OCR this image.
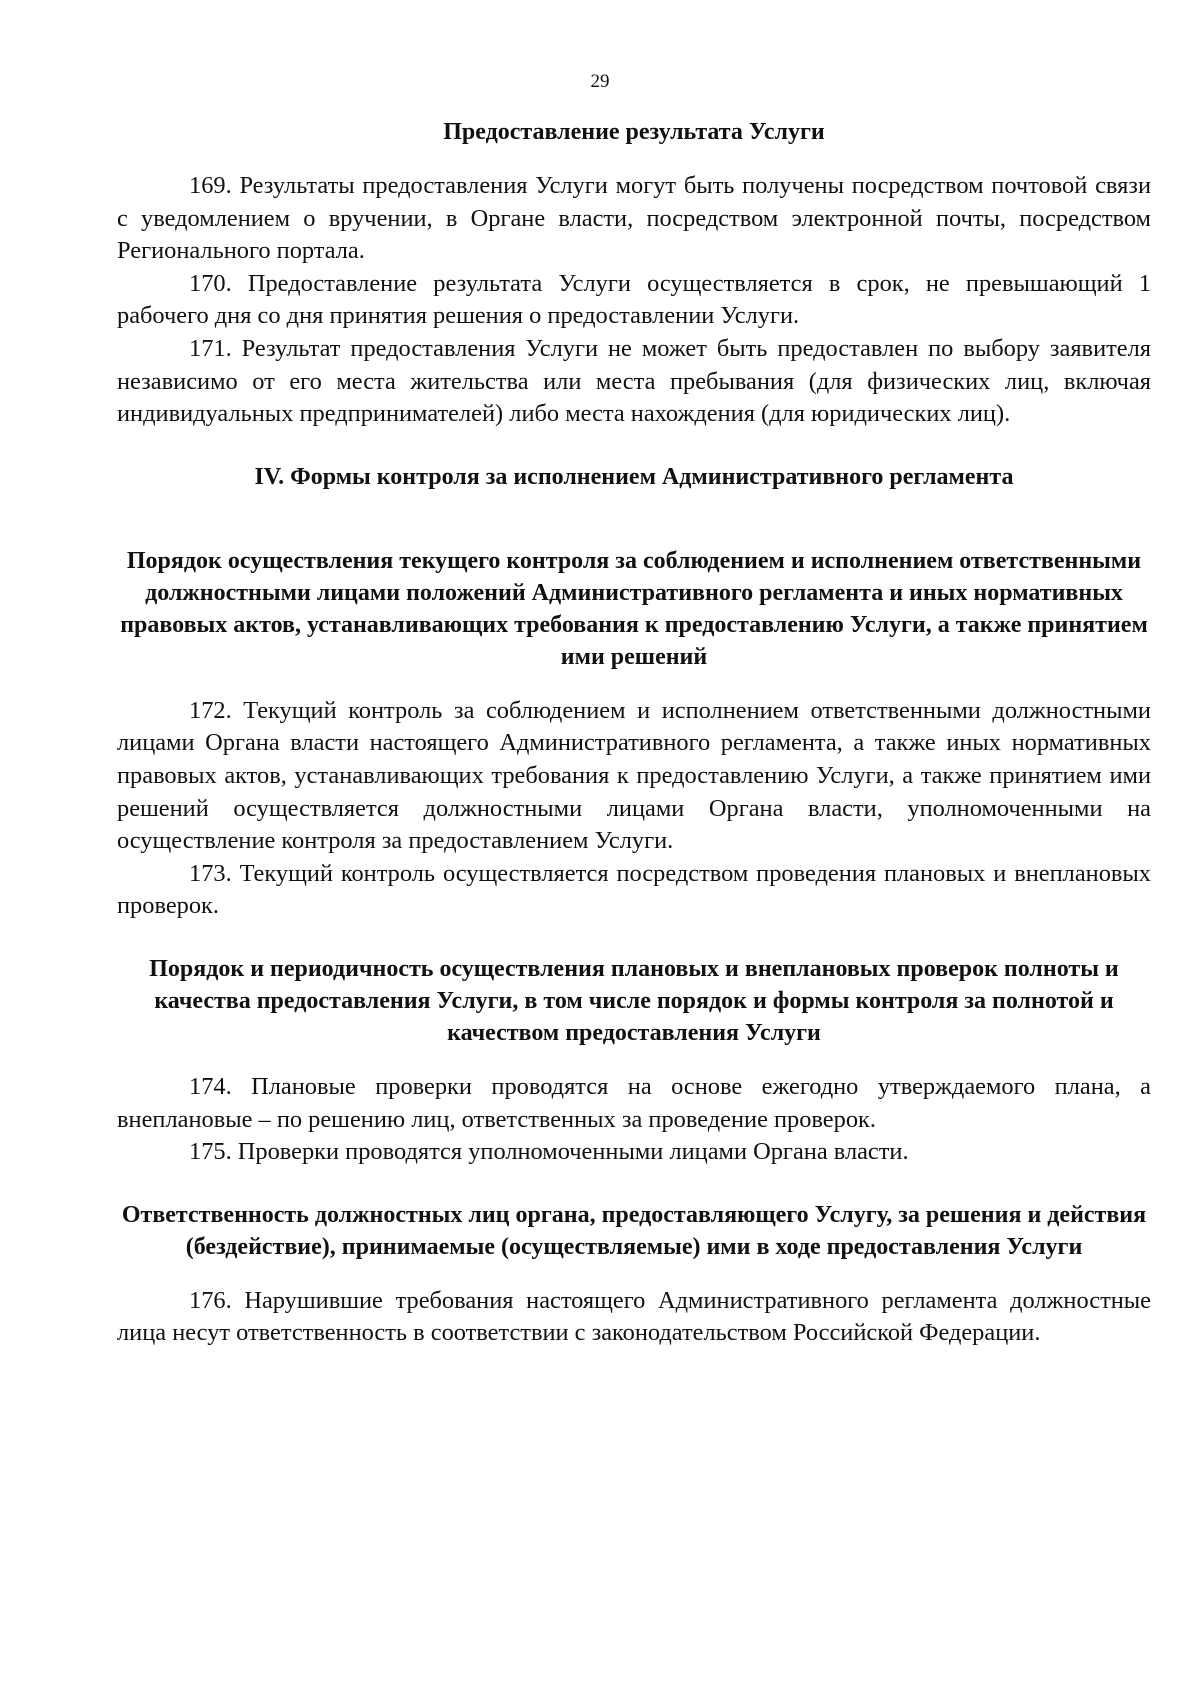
29
Предоставление результата Услуги

169. Результаты предоставления Услуги могут быть получены посредством почтовой связи с уведомлением о вручении, в Органе власти, посредством электронной почты, посредством Регионального портала.

170. Предоставление результата Услуги осуществляется в срок, не превышающий 1 рабочего дня со дня принятия решения о предоставлении Услуги.

171. Результат предоставления Услуги не может быть предоставлен по выбору заявителя независимо от его места жительства или места пребывания (для физических лиц, включая индивидуальных предпринимателей) либо места нахождения (для юридических лиц).

IV. Формы контроля за исполнением Административного регламента
Порядок осуществления текущего контроля за соблюдением и исполнением ответственными должностными лицами положений Административного регламента и иных нормативных правовых актов, устанавливающих требования к предоставлению Услуги, а также принятием ими решений

172. Текущий контроль за соблюдением и исполнением ответственными должностными лицами Органа власти настоящего Административного регламента, а также иных нормативных правовых актов, устанавливающих требования к предоставлению Услуги, а также принятием ими решений осуществляется должностными лицами Органа власти, уполномоченными на осуществление контроля за предоставлением Услуги.

173. Текущий контроль осуществляется посредством проведения плановых и внеплановых проверок.

Порядок и периодичность осуществления плановых и внеплановых проверок полноты и качества предоставления Услуги, в том числе порядок и формы контроля за полнотой и качеством предоставления Услуги

174. Плановые проверки проводятся на основе ежегодно утверждаемого плана, а внеплановые – по решению лиц, ответственных за проведение проверок.

175. Проверки проводятся уполномоченными лицами Органа власти.

Ответственность должностных лиц органа, предоставляющего Услугу, за решения и действия (бездействие), принимаемые (осуществляемые) ими в ходе предоставления Услуги

176. Нарушившие требования настоящего Административного регламента должностные лица несут ответственность в соответствии с законодательством Российской Федерации.
